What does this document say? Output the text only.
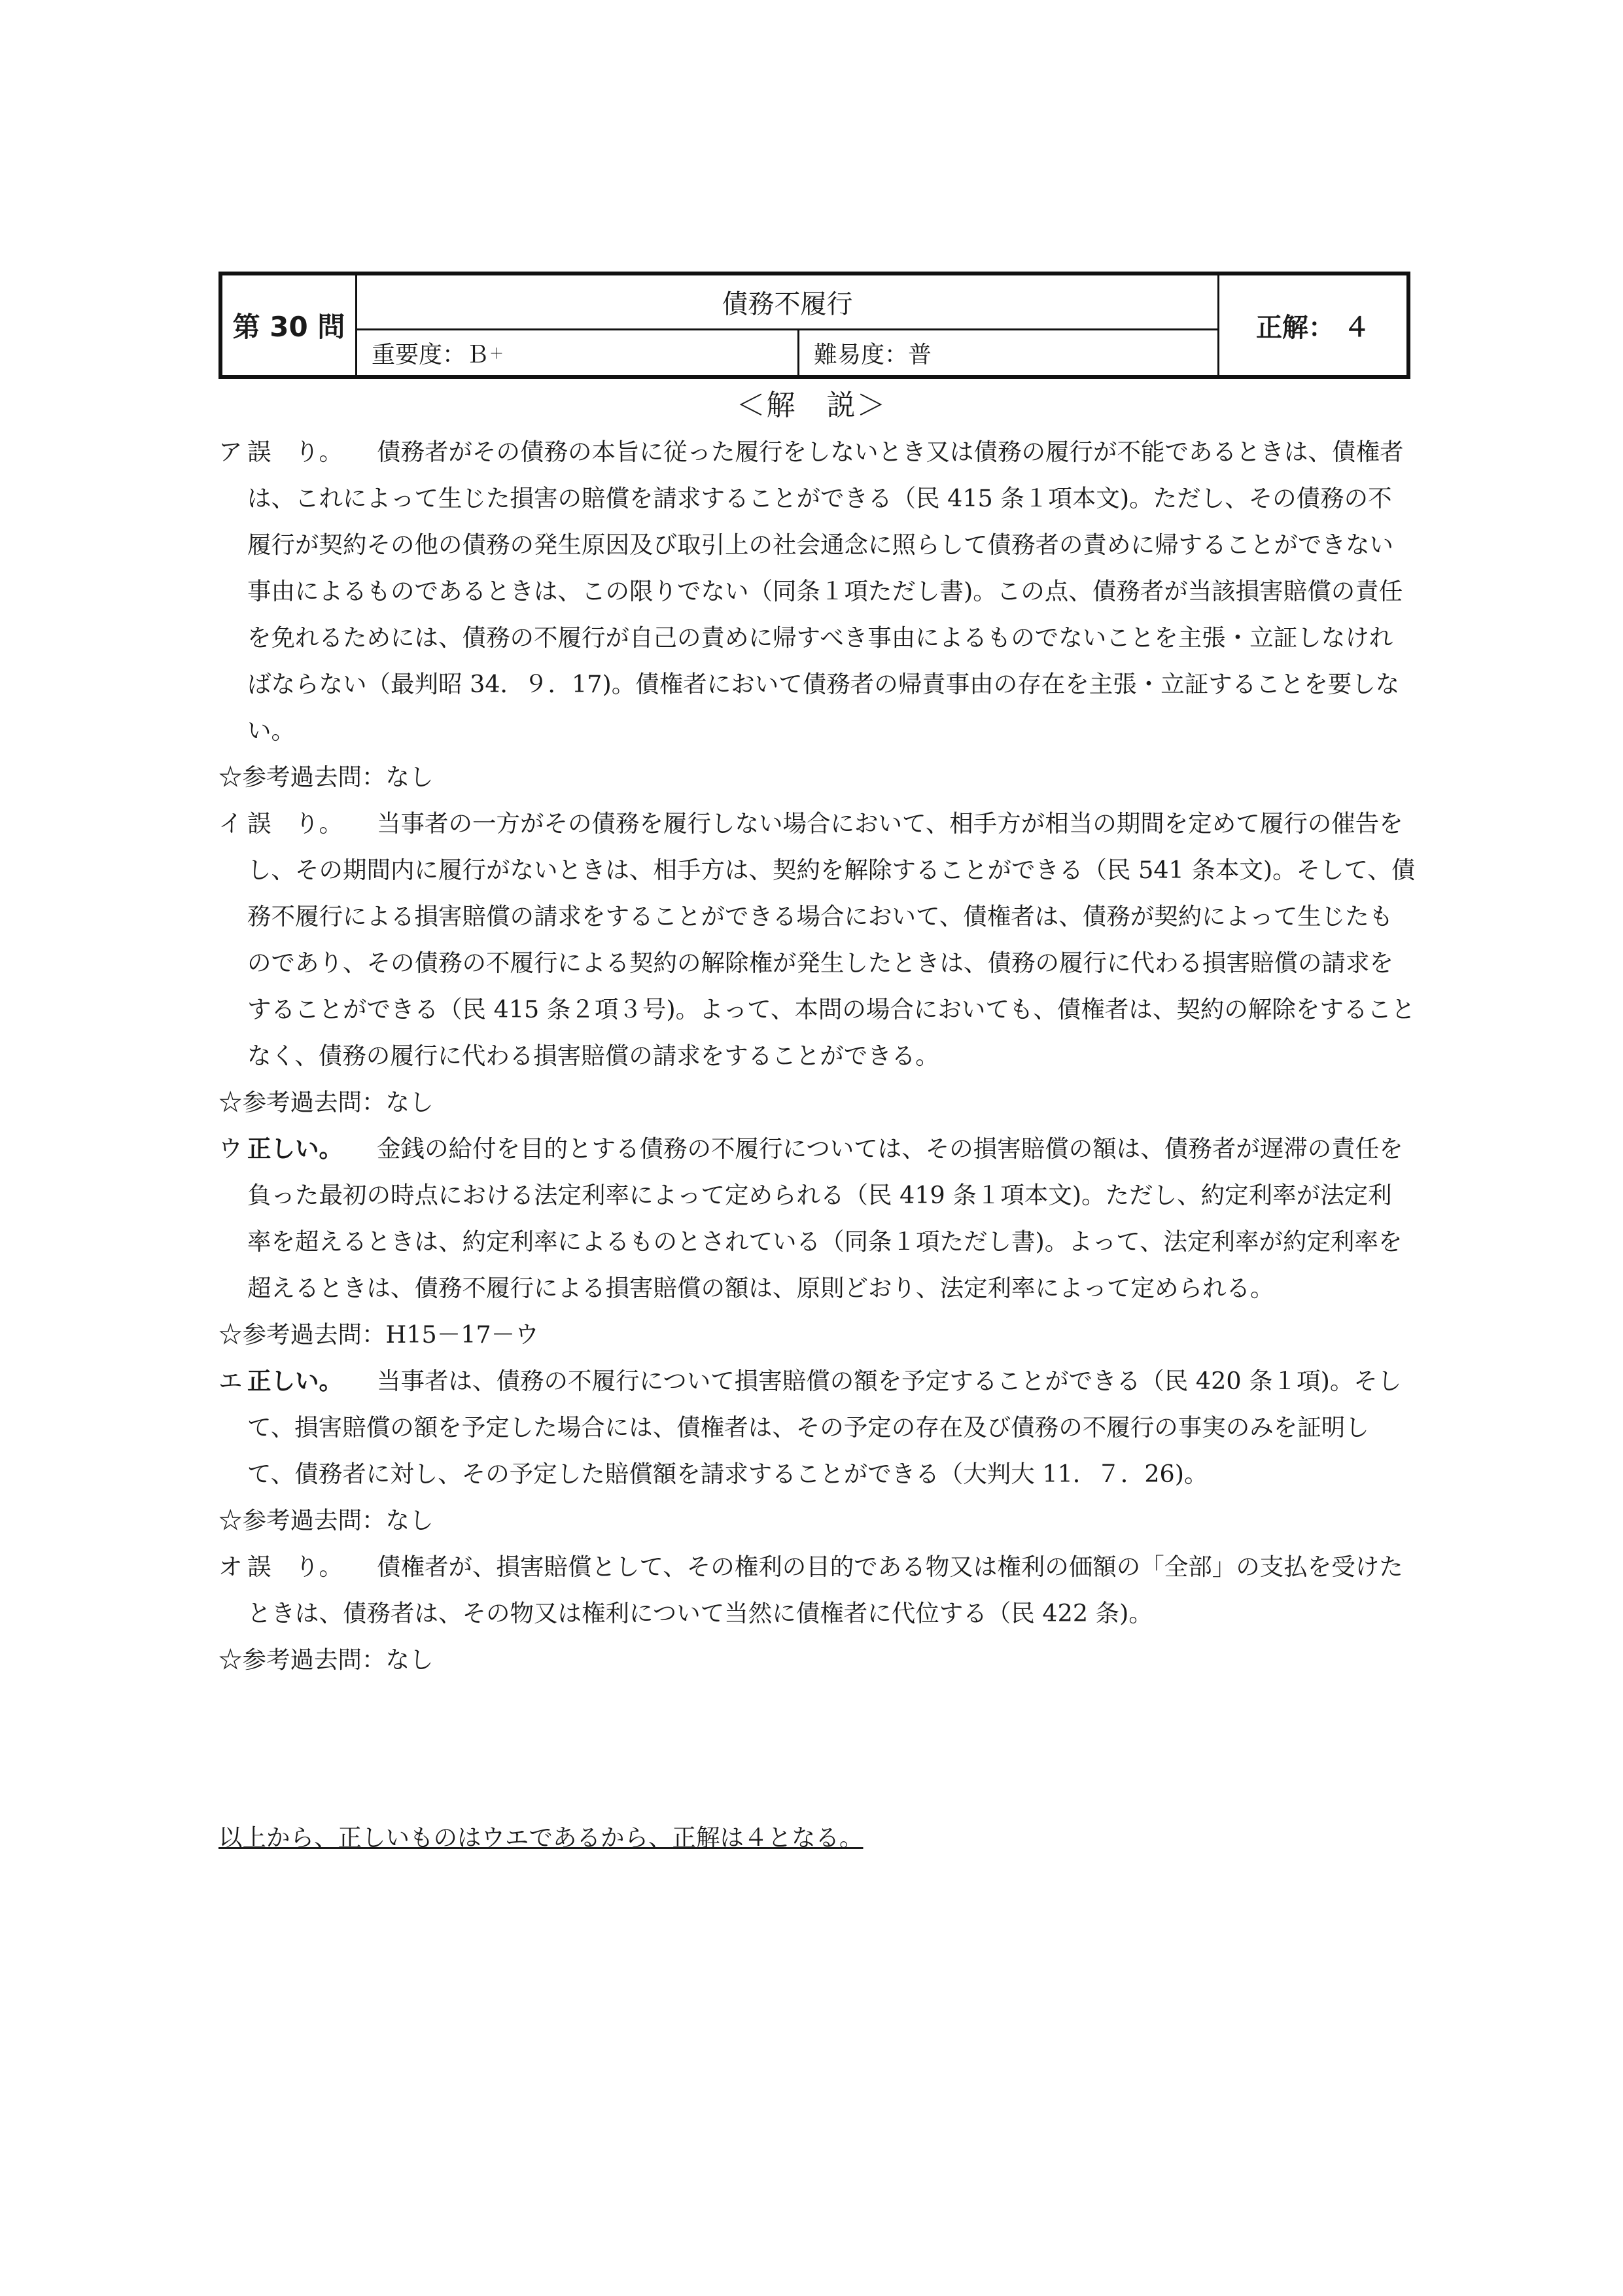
第 30 問
債務不履行
重要度：Ｂ ＋	難易度：普
正解： ４
＜解　説＞
ア 誤　り。 債務者がその債務の本旨に従った履行をしないとき又は債務の履行が不能であるときは、債権者は、これによって生じた損害の賠償を請求することができる（民 415 条１項本文)。ただし、その債務の不履行が契約その他の債務の発生原因及び取引上の社会通念に照らして債務者の責めに帰することができない事由によるものであるときは、この限りでない（同条１項ただし書)。この点、債務者が当該損害賠償の責任を免れるためには、債務の不履行が自己の責めに帰すべき事由によるものでないことを主張・立証しなければならない（最判昭 34．９．17)。債権者において債務者の帰責事由の存在を主張・立証することを要しない。
☆参考過去問：なし
イ 誤　り。 当事者の一方がその債務を履行しない場合において、相手方が相当の期間を定めて履行の催告をし、その期間内に履行がないときは、相手方は、契約を解除することができる（民 541 条本文)。そして、債務不履行による損害賠償の請求をすることができる場合において、債権者は、債務が契約によって生じたものであり、その債務の不履行による契約の解除権が発生したときは、債務の履行に代わる損害賠償の請求をすることができる（民 415 条２項３号)。よって、本問の場合においても、債権者は、契約の解除をすることなく、債務の履行に代わる損害賠償の請求をすることができる。
☆参考過去問：なし
ウ 正しい。 金銭の給付を目的とする債務の不履行については、その損害賠償の額は、債務者が遅滞の責任を負った最初の時点における法定利率によって定められる（民 419 条１項本文)。ただし、約定利率が法定利率を超えるときは、約定利率によるものとされている（同条１項ただし書)。よって、法定利率が約定利率を超えるときは、債務不履行による損害賠償の額は、原則どおり、法定利率によって定められる。
☆参考過去問：H15－17－ウ
エ 正しい。 当事者は、債務の不履行について損害賠償の額を予定することができる（民 420 条１項)。そして、損害賠償の額を予定した場合には、債権者は、その予定の存在及び債務の不履行の事実のみを証明して、債務者に対し、その予定した賠償額を請求することができる（大判大 11．７．26)。
☆参考過去問：なし
オ 誤　り。 債権者が、損害賠償として、その権利の目的である物又は権利の価額の「全部」の支払を受けたときは、債務者は、その物又は権利について当然に債権者に代位する（民 422 条)。
☆参考過去問：なし
以上から、正しいものはウエであるから、正解は４となる。
